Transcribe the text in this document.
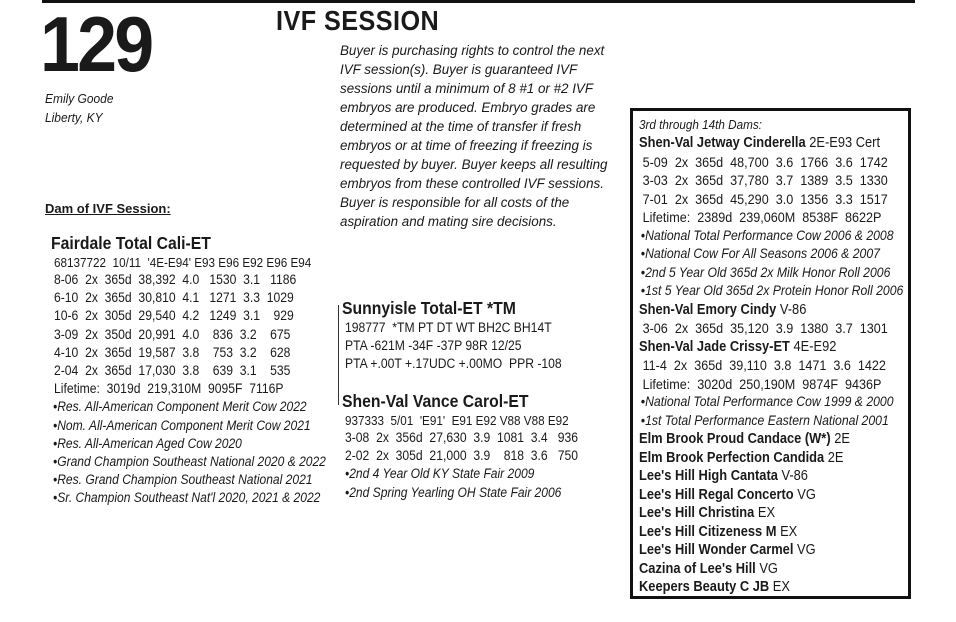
129
Emily Goode
Liberty, KY
IVF SESSION

Buyer is purchasing rights to control the next IVF session(s). Buyer is guaranteed IVF sessions until a minimum of 8 #1 or #2 IVF embryos are produced. Embryo grades are determined at the time of transfer if fresh embryos or at time of freezing if freezing is requested by buyer. Buyer keeps all resulting embryos from these controlled IVF sessions.

Buyer is responsible for all costs of the aspiration and mating sire decisions.

Dam of IVF Session:
Fairdale Total Cali-ET
68137722  10/11  '4E-E94' E93 E96 E92 E96 E94
8-06  2x  365d  38,392  4.0   1530  3.1   1186
6-10  2x  365d  30,810  4.1   1271  3.3  1029
10-6  2x  305d  29,540  4.2   1249  3.1    929
3-09  2x  350d  20,991  4.0    836  3.2    675
4-10  2x  365d  19,587  3.8    753  3.2    628
2-04  2x  365d  17,030  3.8    639  3.1    535
Lifetime:  3019d  219,310M  9095F  7116P
•Res. All-American Component Merit Cow 2022
•Nom. All-American Component Merit Cow 2021
•Res. All-American Aged Cow 2020
•Grand Champion Southeast National 2020 & 2022
•Res. Grand Champion Southeast National 2021
•Sr. Champion Southeast Nat'l 2020, 2021 & 2022
Sunnyisle Total-ET *TM
198777  *TM PT DT WT BH2C BH14T
PTA -621M -34F -37P 98R 12/25
PTA +.00T +.17UDC +.00MO  PPR -108
Shen-Val Vance Carol-ET
937333  5/01  'E91'  E91 E92 V88 V88 E92
3-08  2x  356d  27,630  3.9  1081  3.4   936
2-02  2x  305d  21,000  3.9    818  3.6   750
•2nd 4 Year Old KY State Fair 2009
•2nd Spring Yearling OH State Fair 2006
3rd through 14th Dams:
Shen-Val Jetway Cinderella 2E-E93 Cert
5-09  2x  365d  48,700  3.6  1766  3.6  1742
3-03  2x  365d  37,780  3.7  1389  3.5  1330
7-01  2x  365d  45,290  3.0  1356  3.3  1517
Lifetime:  2389d  239,060M  8538F  8622P
•National Total Performance Cow 2006 & 2008
•National Cow For All Seasons 2006 & 2007
•2nd 5 Year Old 365d 2x Milk Honor Roll 2006
•1st 5 Year Old 365d 2x Protein Honor Roll 2006
Shen-Val Emory Cindy V-86
3-06  2x  365d  35,120  3.9  1380  3.7  1301
Shen-Val Jade Crissy-ET 4E-E92
11-4  2x  365d  39,110  3.8  1471  3.6  1422
Lifetime:  3020d  250,190M  9874F  9436P
•National Total Performance Cow 1999 & 2000
•1st Total Performance Eastern National 2001
Elm Brook Proud Candace (W*) 2E
Elm Brook Perfection Candida 2E
Lee's Hill High Cantata V-86
Lee's Hill Regal Concerto VG
Lee's Hill Christina EX
Lee's Hill Citizeness M EX
Lee's Hill Wonder Carmel VG
Cazina of Lee's Hill VG
Keepers Beauty C JB EX
